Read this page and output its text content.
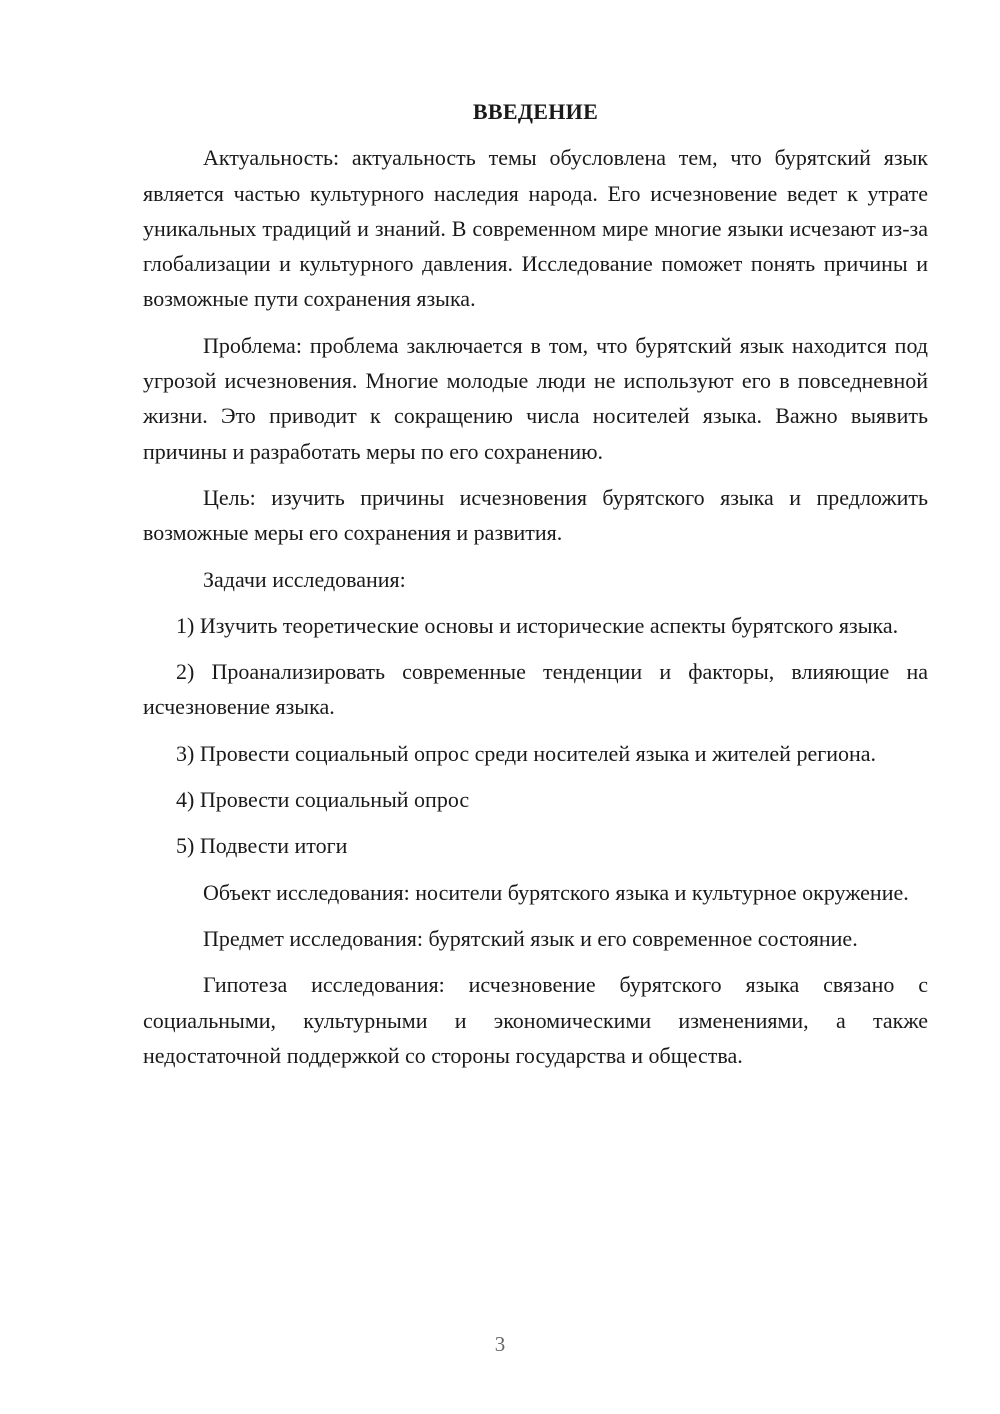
ВВЕДЕНИЕ

Актуальность: актуальность темы обусловлена тем, что бурятский язык является частью культурного наследия народа. Его исчезновение ведет к утрате уникальных традиций и знаний. В современном мире многие языки исчезают из-за глобализации и культурного давления. Исследование поможет понять причины и возможные пути сохранения языка.

Проблема: проблема заключается в том, что бурятский язык находится под угрозой исчезновения. Многие молодые люди не используют его в повседневной жизни. Это приводит к сокращению числа носителей языка. Важно выявить причины и разработать меры по его сохранению.

Цель: изучить причины исчезновения бурятского языка и предложить возможные меры его сохранения и развития.

Задачи исследования:

1) Изучить теоретические основы и исторические аспекты бурятского языка.

2) Проанализировать современные тенденции и факторы, влияющие на исчезновение языка.

3) Провести социальный опрос среди носителей языка и жителей региона.

4) Провести социальный опрос

5) Подвести итоги

Объект исследования: носители бурятского языка и культурное окружение.

Предмет исследования: бурятский язык и его современное состояние.

Гипотеза исследования: исчезновение бурятского языка связано с социальными, культурными и экономическими изменениями, а также недостаточной поддержкой со стороны государства и общества.

3
